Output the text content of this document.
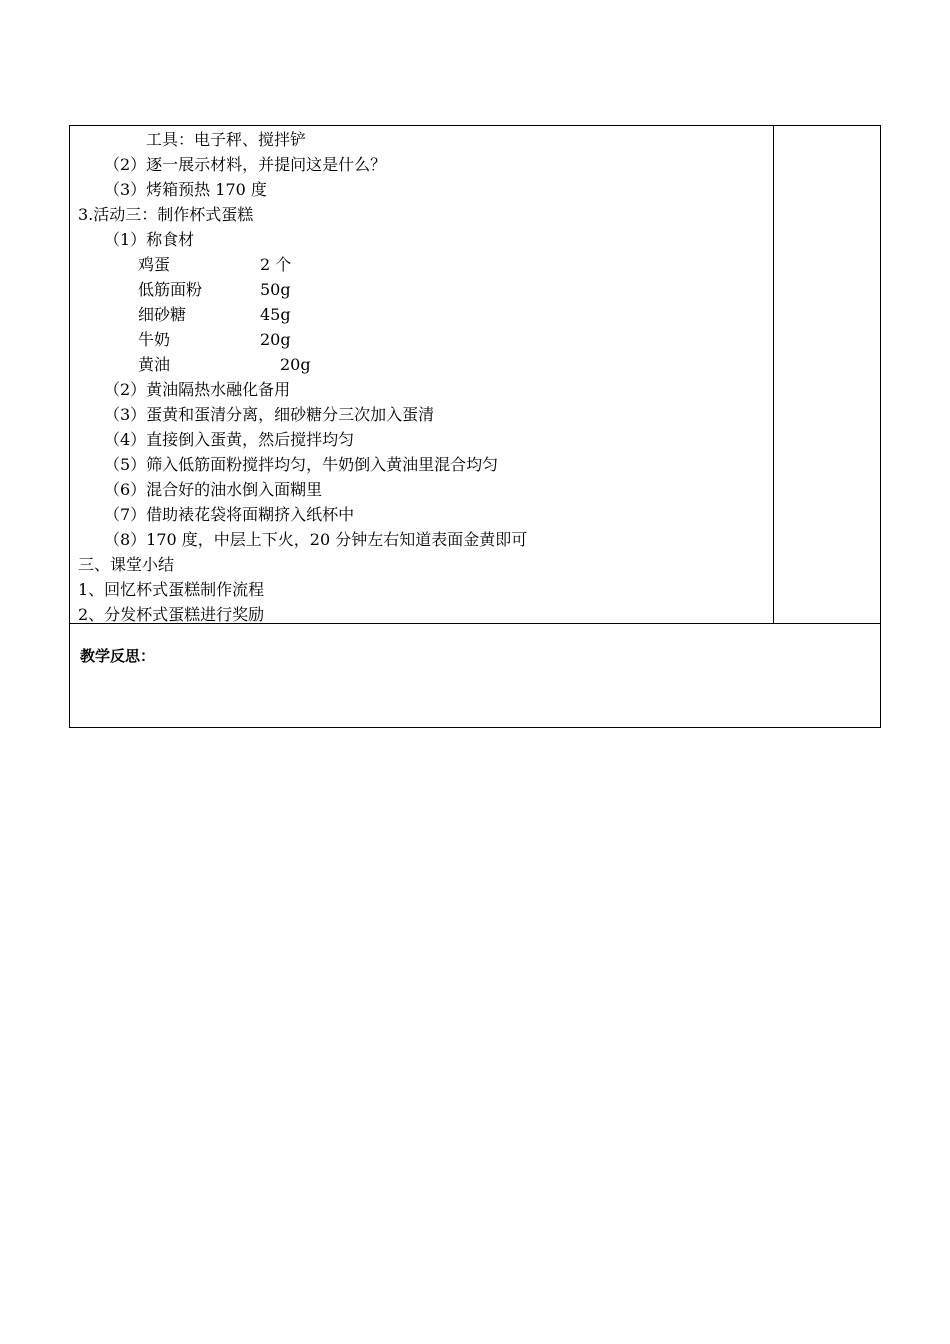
工具：电子秤、搅拌铲
（2）逐一展示材料，并提问这是什么？
（3）烤箱预热 170 度
3.活动三：制作杯式蛋糕
（1）称食材
鸡蛋	2 个
低筋面粉	50g
细砂糖	45g
牛奶	20g
黄油	20g
（2）黄油隔热水融化备用
（3）蛋黄和蛋清分离，细砂糖分三次加入蛋清
（4）直接倒入蛋黄，然后搅拌均匀
（5）筛入低筋面粉搅拌均匀，牛奶倒入黄油里混合均匀
（6）混合好的油水倒入面糊里
（7）借助裱花袋将面糊挤入纸杯中
（8）170 度，中层上下火，20 分钟左右知道表面金黄即可
三、课堂小结
1、回忆杯式蛋糕制作流程
2、分发杯式蛋糕进行奖励
教学反思：
